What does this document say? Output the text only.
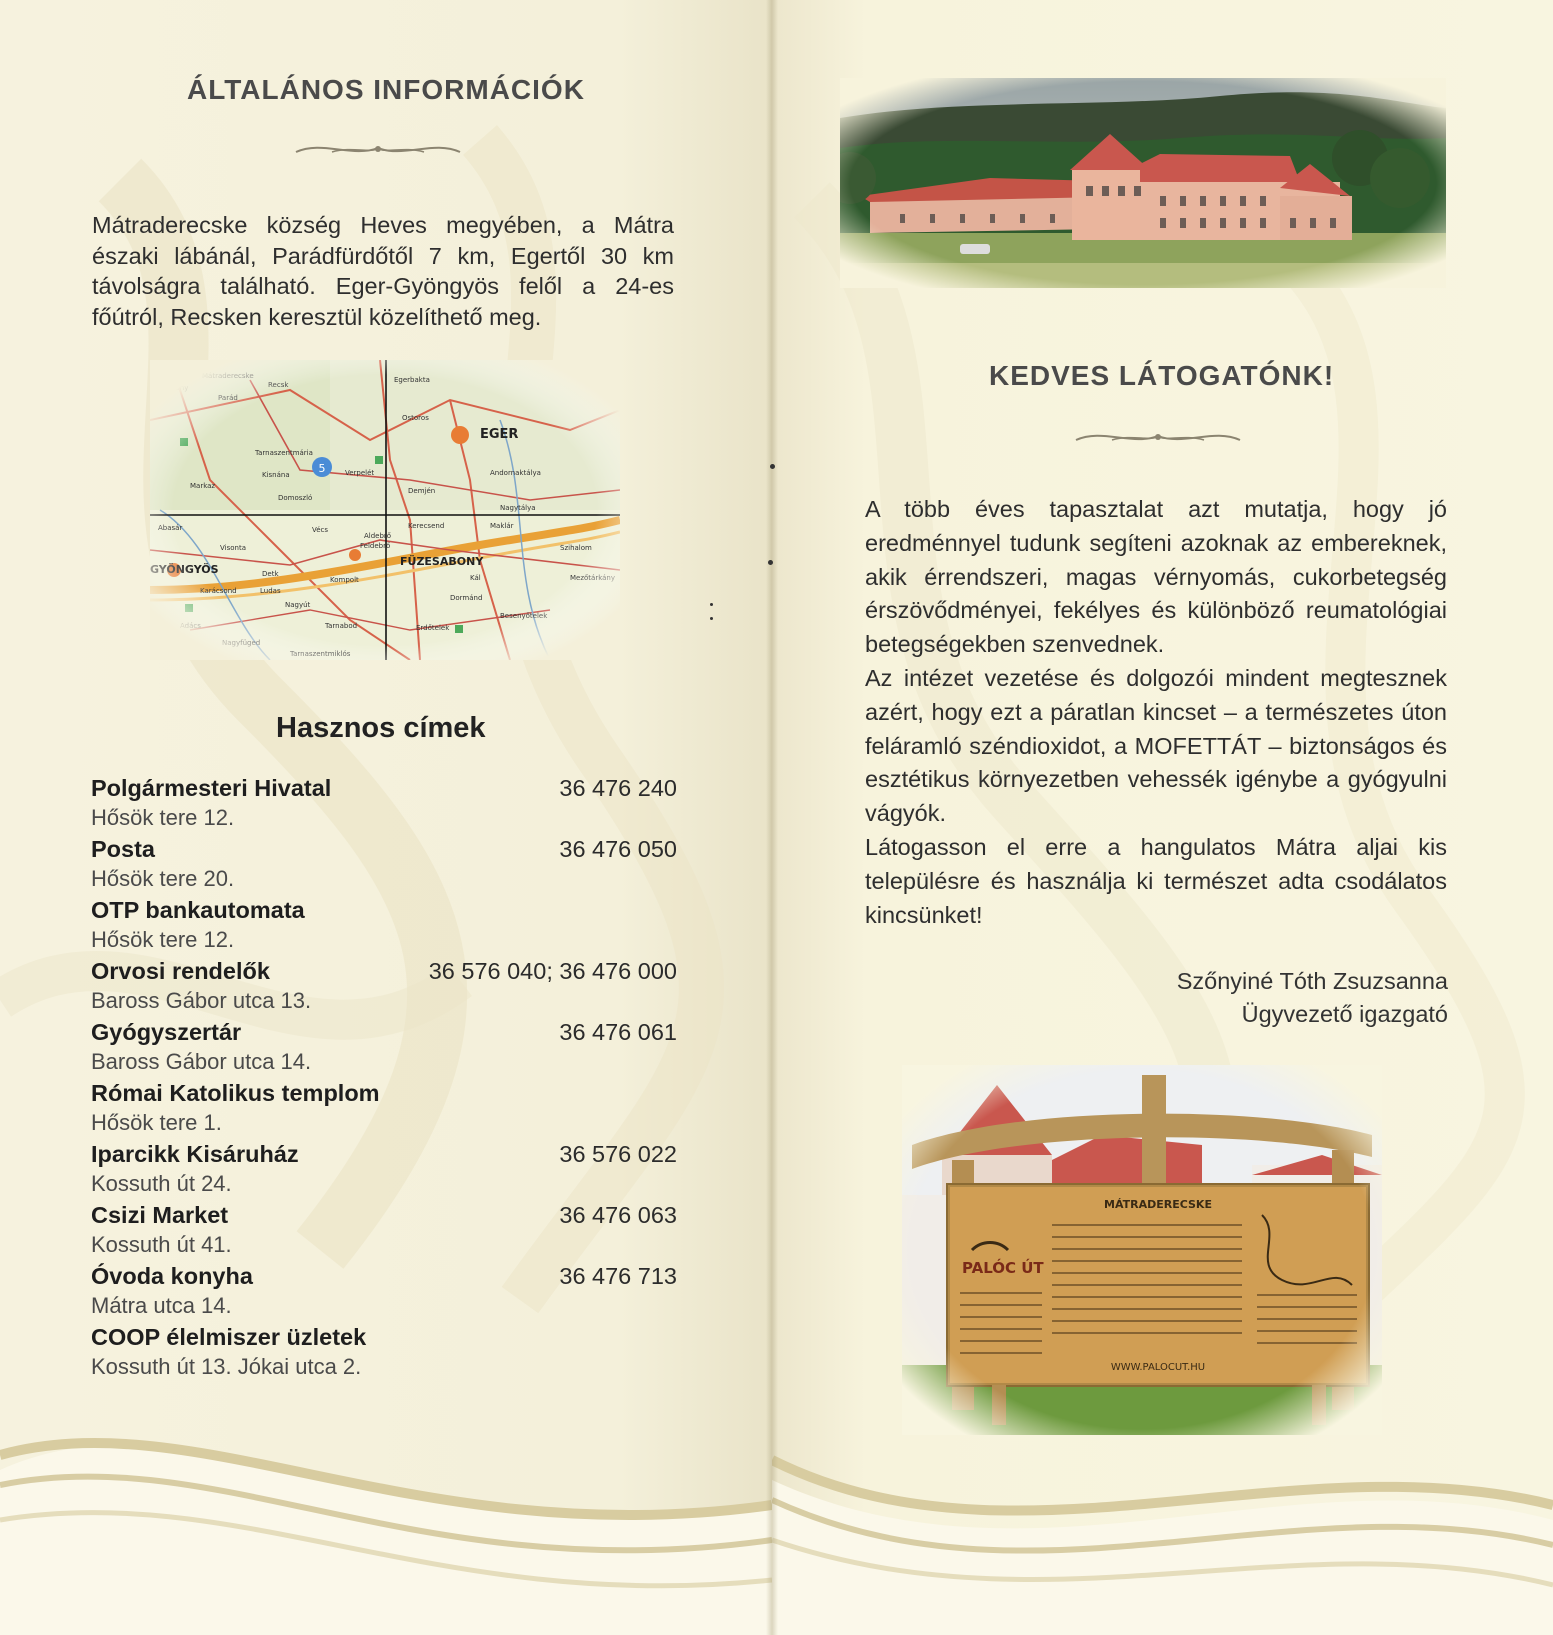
ÁLTALÁNOS INFORMÁCIÓK

Mátraderecske község Heves megyében, a Mátra északi lábánál, Parádfürdőtől 7 km, Egertől 30 km távolságra található. Eger-Gyöngyös felől a 24-es főútról, Recsken keresztül közelíthető meg.

Hasznos címek
Polgármesteri Hivatal	36 476 240
Hősök tere 12.
Posta	36 476 050
Hősök tere 20.
OTP bankautomata
Hősök tere 12.
Orvosi rendelők	36 576 040; 36 476 000
Baross Gábor utca 13.
Gyógyszertár	36 476 061
Baross Gábor utca 14.
Római Katolikus templom
Hősök tere 1.
Iparcikk Kisáruház	36 576 022
Kossuth út 24.
Csizi Market	36 476 063
Kossuth út 41.
Óvoda konyha	36 476 713
Mátra utca 14.
COOP élelmiszer üzletek
Kossuth út 13. Jókai utca 2.
KEDVES LÁTOGATÓNK!

A több éves tapasztalat azt mutatja, hogy jó eredménnyel tudunk segíteni azoknak az embereknek, akik érrendszeri, magas vérnyomás, cukorbetegség érszövődményei, fekélyes és különböző reumatológiai betegségekben szenvednek.

Az intézet vezetése és dolgozói mindent megtesznek azért, hogy ezt a páratlan kincset – a természetes úton feláramló széndioxidot, a MOFETTÁT – biztonságos és esztétikus környezetben vehessék igénybe a gyógyulni vágyók.

Látogasson el erre a hangulatos Mátra aljai kis településre és használja ki természet adta csodálatos kincsünket!

Szőnyiné Tóth Zsuzsanna
Ügyvezető igazgató
